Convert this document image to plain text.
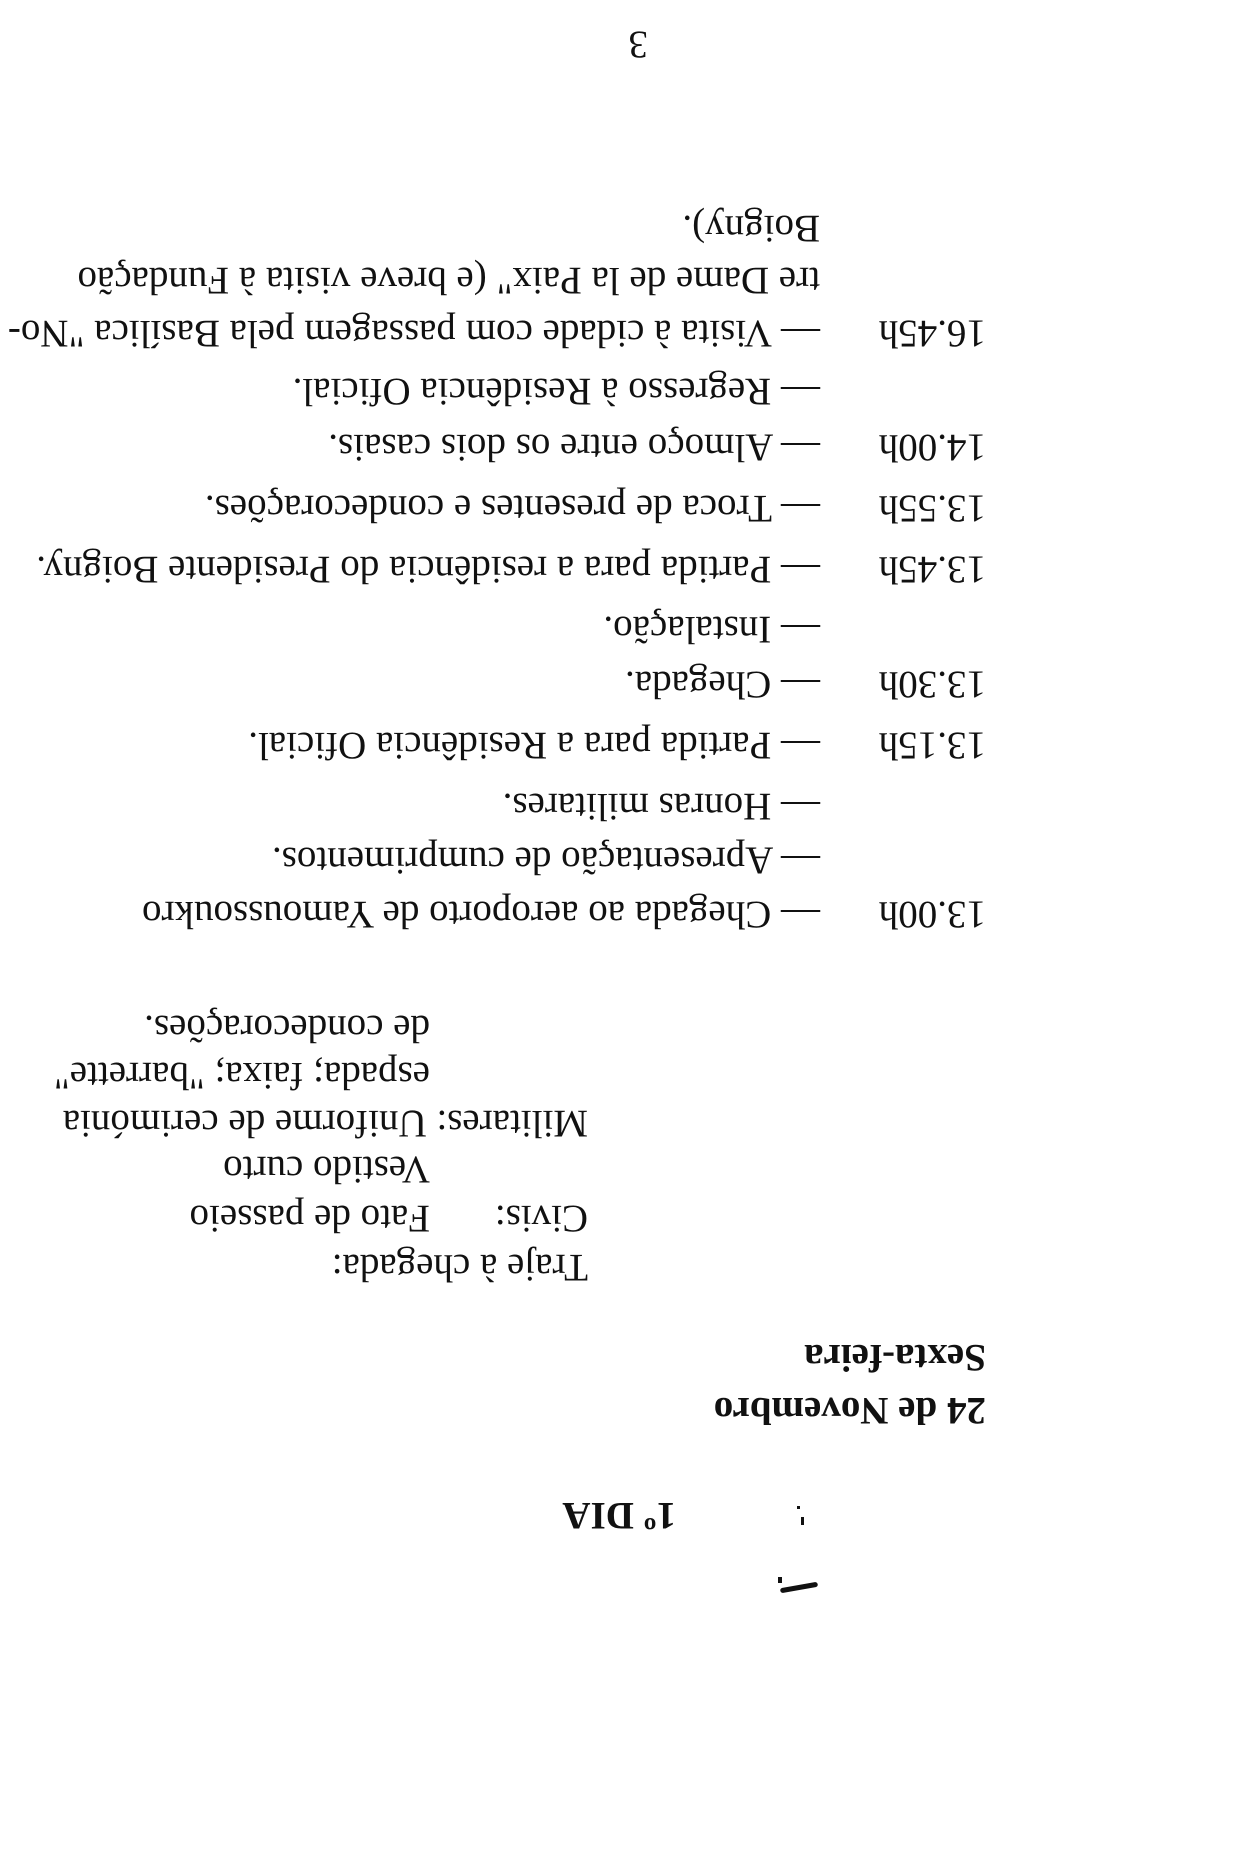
3
1º DIA
24 de Novembro
Sexta-feira
Traje à chegada:
Civis:
Fato de passeio
Vestido curto
Militares: Uniforme de cerimónia
espada; faixa; "barrette"
de condecorações.
13.00h— Chegada ao aeroporto de Yamoussoukro
— Apresentação de cumprimentos.
— Honras militares.
13.15h— Partida para a Residência Oficial.
13.30h— Chegada.
— Instalação.
13.45h— Partida para a residência do Presidente Boigny.
13.55h— Troca de presentes e condecorações.
14.00h— Almoço entre os dois casais.
— Regresso à Residência Oficial.
16.45h— Visita à cidade com passagem pela Basílica "No-
tre Dame de la Paix" (e breve visita à Fundação
Boigny).
